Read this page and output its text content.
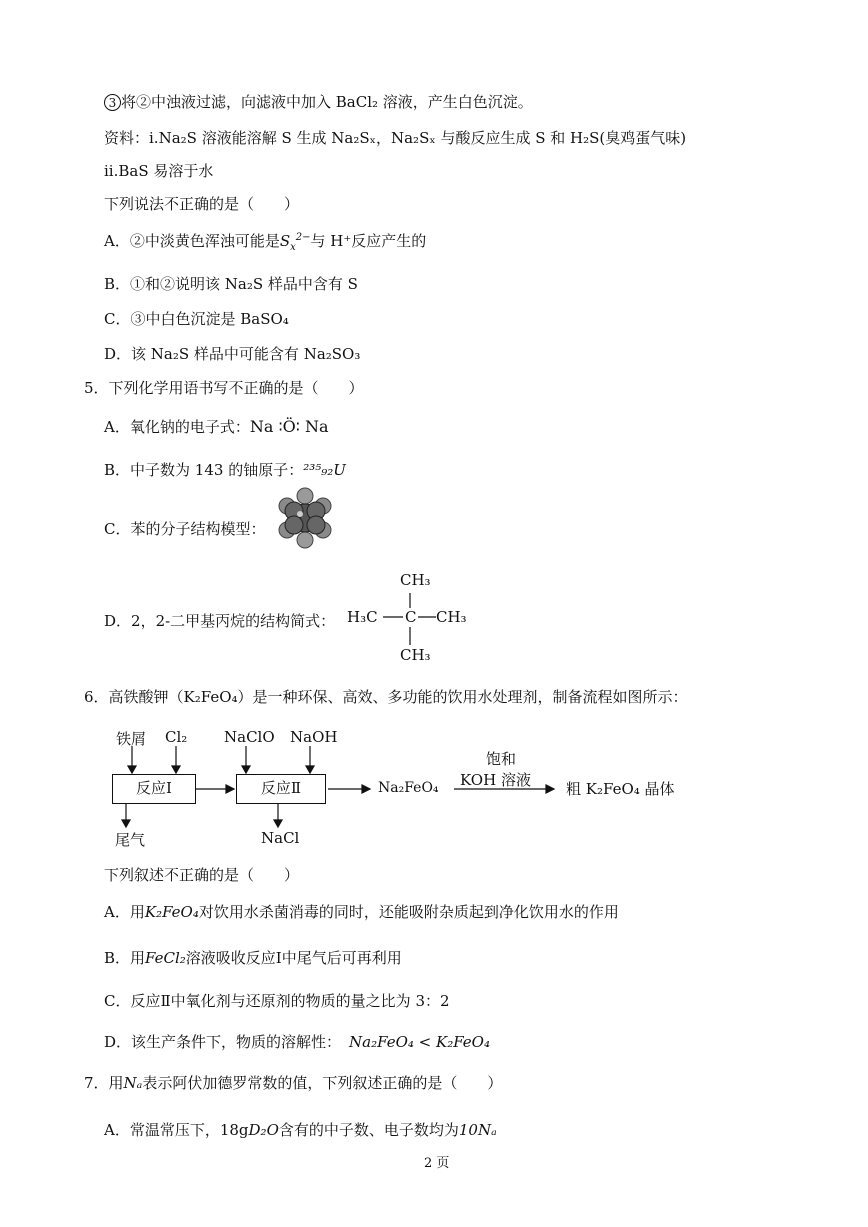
3 将②中浊液过滤，向滤液中加入 BaCl₂ 溶液，产生白色沉淀。
资料：i.Na₂S 溶液能溶解 S 生成 Na₂Sₓ，Na₂Sₓ 与酸反应生成 S 和 H₂S(臭鸡蛋气味)
ii.BaS 易溶于水
下列说法不正确的是（　　）
A．②中淡黄色浑浊可能是$S_x^{2-}$与 H⁺反应产生的
B．①和②说明该 Na₂S 样品中含有 S
C．③中白色沉淀是 BaSO₄
D．该 Na₂S 样品中可能含有 Na₂SO₃
5．下列化学用语书写不正确的是（　　）
A．氧化钠的电子式：Na ∶Ö∶ Na
B．中子数为 143 的铀原子：²³⁵₉₂U
C．苯的分子结构模型：
D．2，2-二甲基丙烷的结构简式：
CH₃
H₃C C CH₃
CH₃
6．高铁酸钾（K₂FeO₄）是一种环保、高效、多功能的饮用水处理剂，制备流程如图所示：
铁屑 Cl₂ NaClO NaOH
反应Ⅰ	反应Ⅱ	Na₂FeO₄
饱和
KOH 溶液 粗 K₂FeO₄ 晶体
尾气	NaCl
下列叙述不正确的是（　　）
A．用K₂FeO₄对饮用水杀菌消毒的同时，还能吸附杂质起到净化饮用水的作用
B．用FeCl₂溶液吸收反应Ⅰ中尾气后可再利用
C．反应Ⅱ中氧化剂与还原剂的物质的量之比为 3：2
D．该生产条件下，物质的溶解性： Na₂FeO₄ < K₂FeO₄
7．用Nₐ表示阿伏加德罗常数的值，下列叙述正确的是（　　）
A．常温常压下，18gD₂O含有的中子数、电子数均为10Nₐ
2 页
